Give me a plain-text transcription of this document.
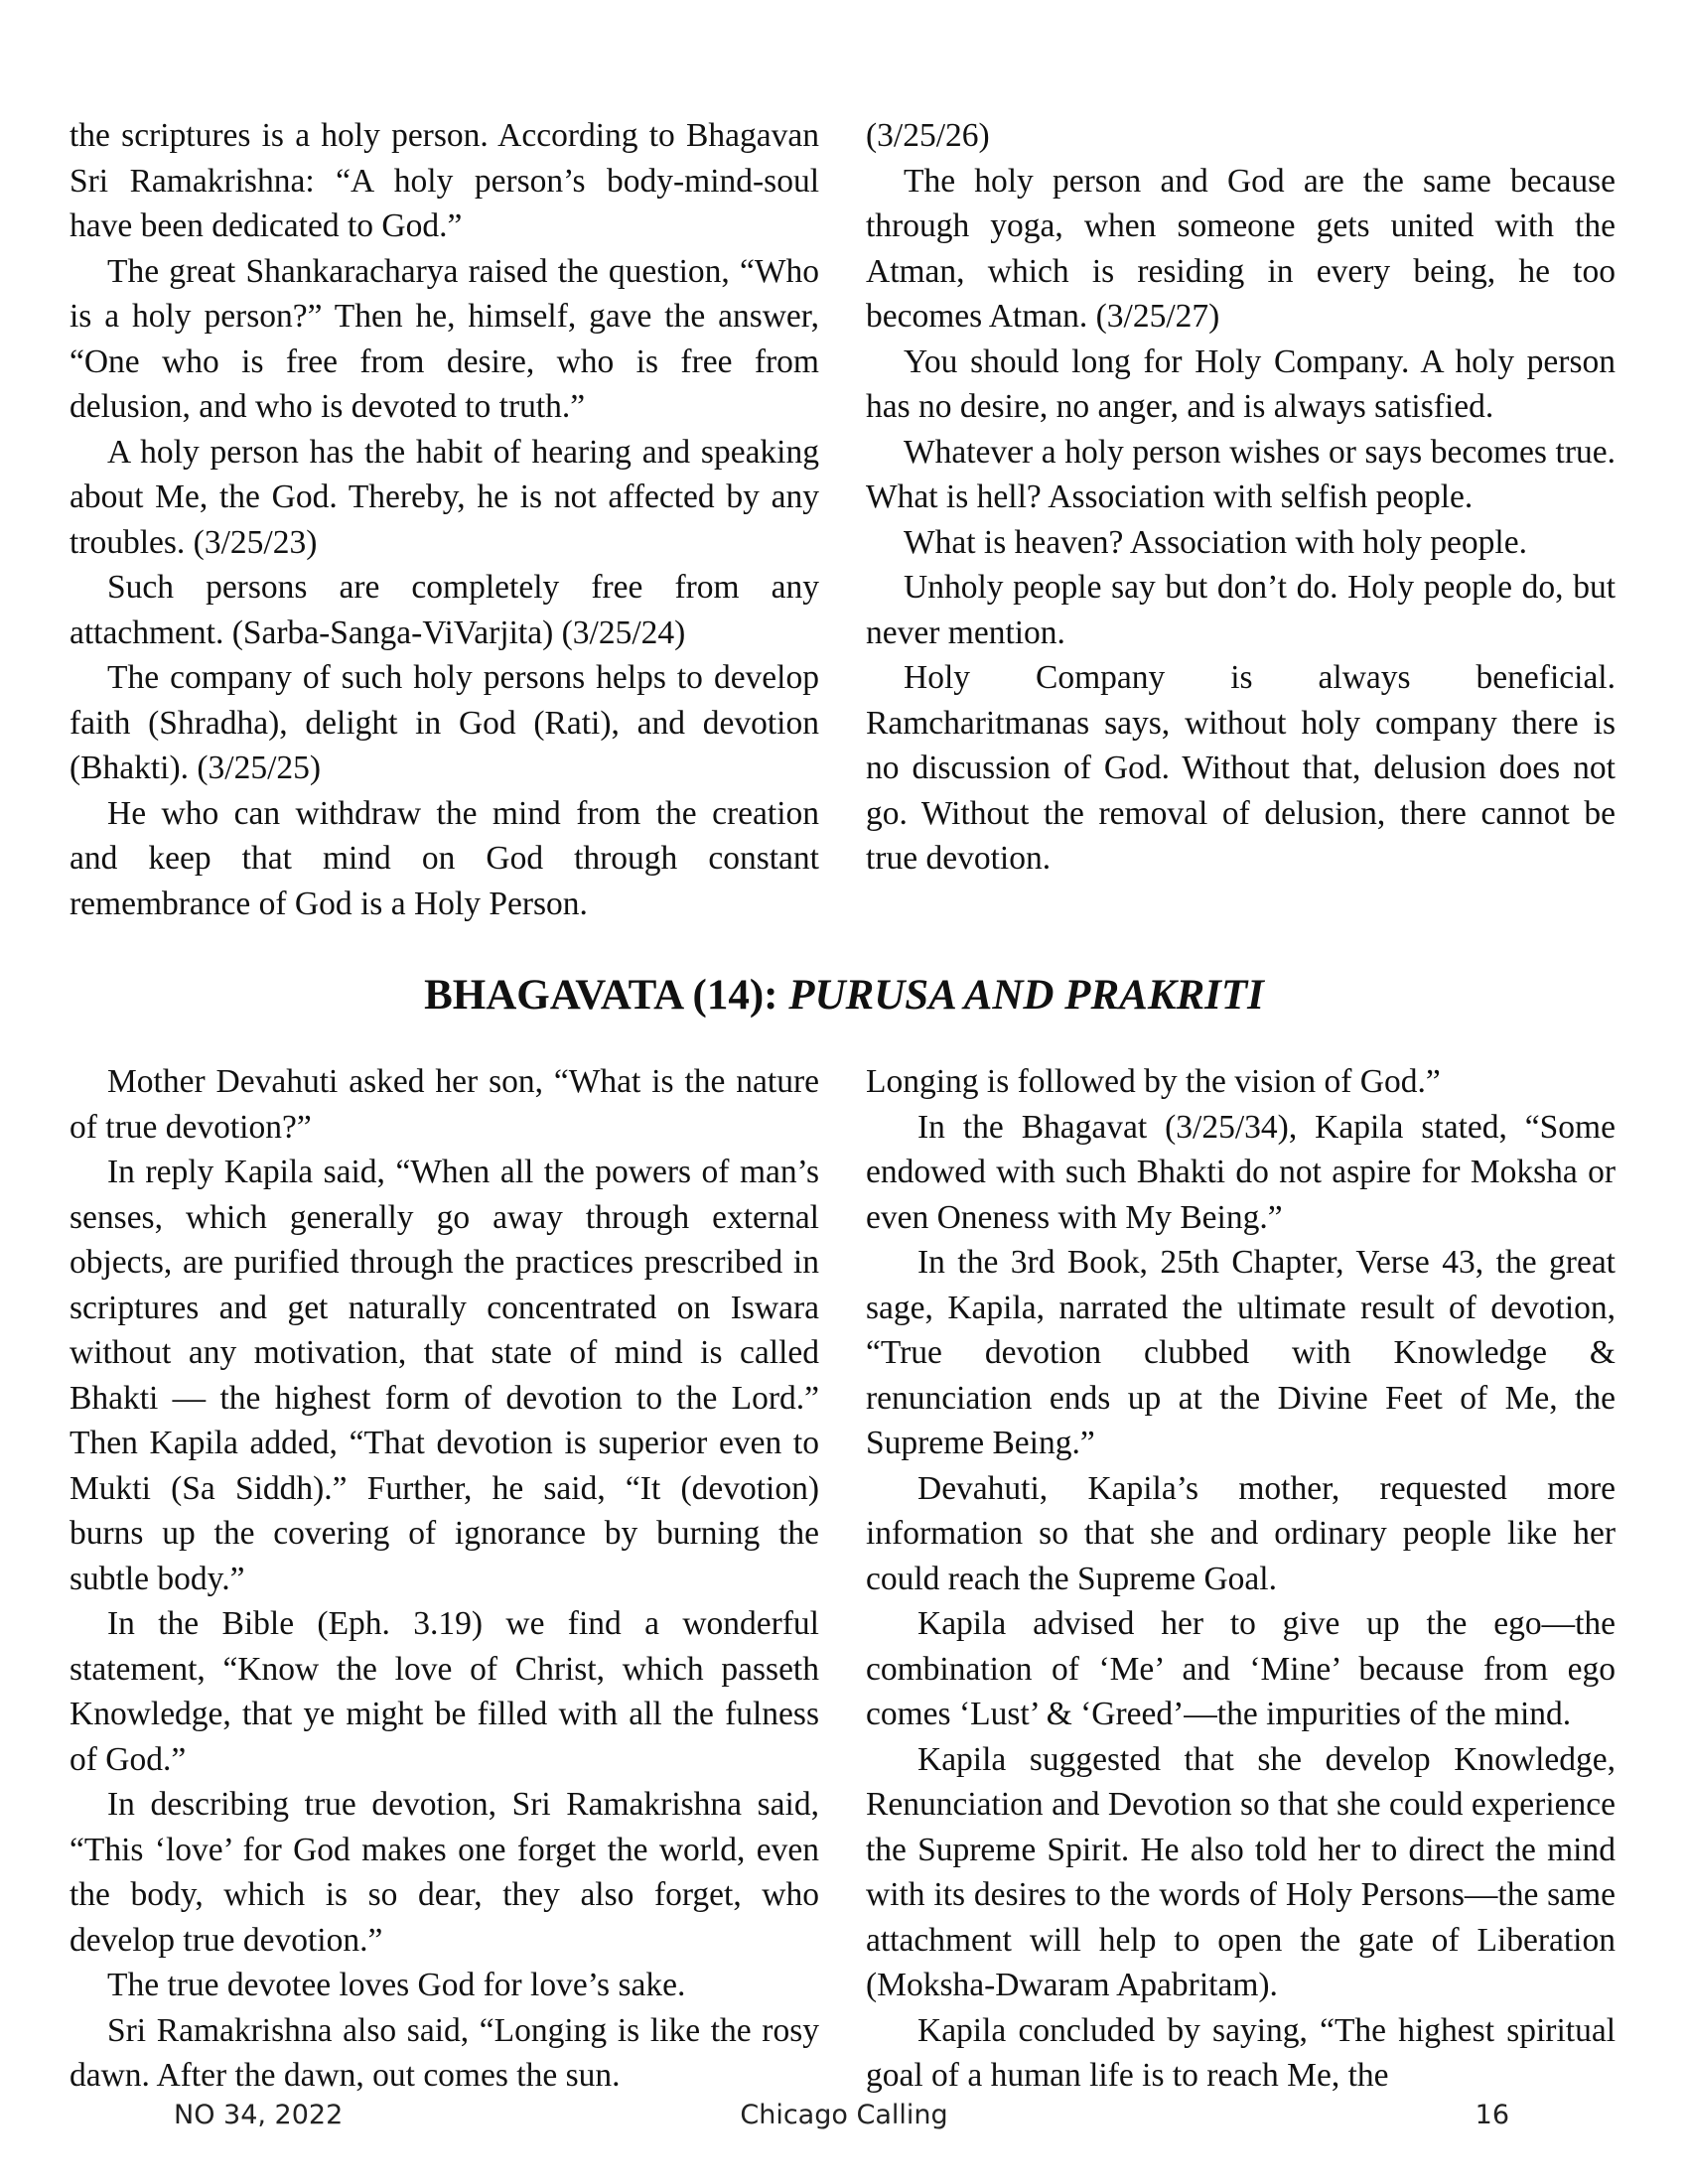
the scriptures is a holy person. According to Bhagavan Sri Ramakrishna: “A holy person’s body-mind-soul have been dedicated to God.”

The great Shankaracharya raised the question, “Who is a holy person?” Then he, himself, gave the answer, “One who is free from desire, who is free from delusion, and who is devoted to truth.”

A holy person has the habit of hearing and speaking about Me, the God. Thereby, he is not affected by any troubles. (3/25/23)

Such persons are completely free from any attachment. (Sarba-Sanga-ViVarjita) (3/25/24)

The company of such holy persons helps to develop faith (Shradha), delight in God (Rati), and devotion (Bhakti). (3/25/25)

He who can withdraw the mind from the creation and keep that mind on God through constant remembrance of God is a Holy Person.

(3/25/26)

The holy person and God are the same because through yoga, when someone gets united with the Atman, which is residing in every being, he too becomes Atman. (3/25/27)

You should long for Holy Company. A holy person has no desire, no anger, and is always satisfied.

Whatever a holy person wishes or says becomes true. What is hell? Association with selfish people.

What is heaven? Association with holy people.

Unholy people say but don’t do. Holy people do, but never mention.

Holy Company is always beneficial. Ramcharitmanas says, without holy company there is no discussion of God. Without that, delusion does not go. Without the removal of delusion, there cannot be true devotion.

BHAGAVATA (14): PURUSA AND PRAKRITI

Mother Devahuti asked her son, “What is the nature of true devotion?”

In reply Kapila said, “When all the powers of man’s senses, which generally go away through external objects, are purified through the practices prescribed in scriptures and get naturally concentrated on Iswara without any motivation, that state of mind is called Bhakti — the highest form of devotion to the Lord.” Then Kapila added, “That devotion is superior even to Mukti (Sa Siddh).” Further, he said, “It (devotion) burns up the covering of ignorance by burning the subtle body.”

In the Bible (Eph. 3.19) we find a wonderful statement, “Know the love of Christ, which passeth Knowledge, that ye might be filled with all the fulness of God.”

In describing true devotion, Sri Ramakrishna said, “This ‘love’ for God makes one forget the world, even the body, which is so dear, they also forget, who develop true devotion.”

The true devotee loves God for love’s sake.

Sri Ramakrishna also said, “Longing is like the rosy dawn. After the dawn, out comes the sun.

Longing is followed by the vision of God.”

In the Bhagavat (3/25/34), Kapila stated, “Some endowed with such Bhakti do not aspire for Moksha or even Oneness with My Being.”

In the 3rd Book, 25th Chapter, Verse 43, the great sage, Kapila, narrated the ultimate result of devotion, “True devotion clubbed with Knowledge & renunciation ends up at the Divine Feet of Me, the Supreme Being.”

Devahuti, Kapila’s mother, requested more information so that she and ordinary people like her could reach the Supreme Goal.

Kapila advised her to give up the ego—the combination of ‘Me’ and ‘Mine’ because from ego comes ‘Lust’ & ‘Greed’—the impurities of the mind.

Kapila suggested that she develop Knowledge, Renunciation and Devotion so that she could experience the Supreme Spirit. He also told her to direct the mind with its desires to the words of Holy Persons—the same attachment will help to open the gate of Liberation (Moksha-Dwaram Apabritam).

Kapila concluded by saying, “The highest spiritual goal of a human life is to reach Me, the

NO 34, 2022	Chicago Calling	16
